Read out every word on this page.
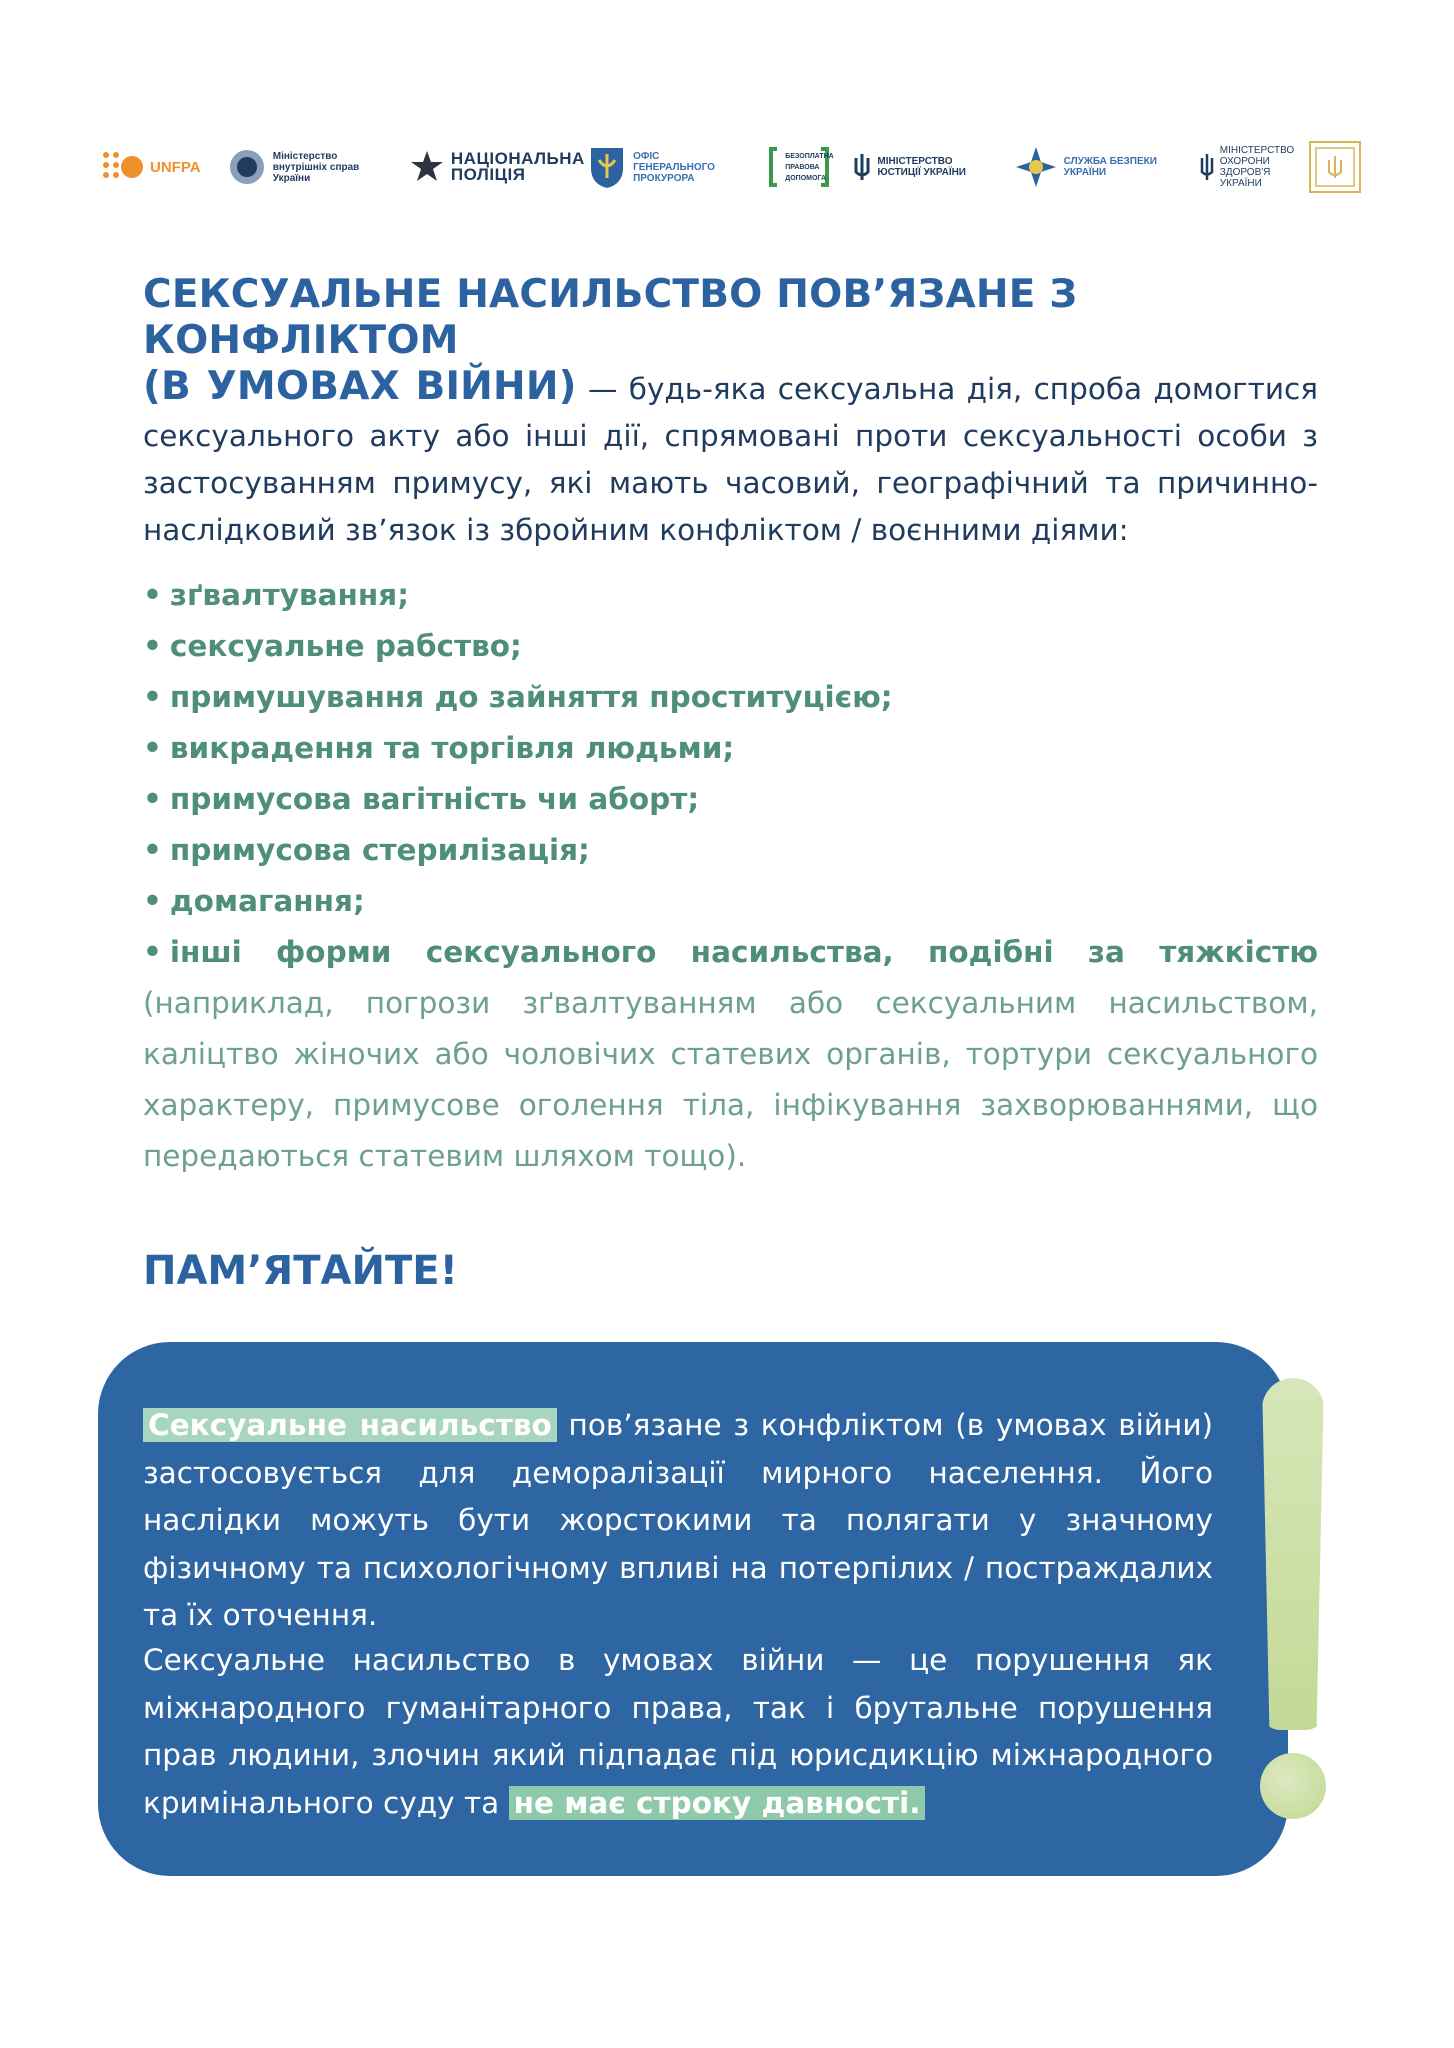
UNFPA
Міністерство внутрішніх справ України
НАЦІОНАЛЬНА ПОЛІЦІЯ
ОФІС ГЕНЕРАЛЬНОГО ПРОКУРОРА
БЕЗОПЛАТНА ПРАВОВА ДОПОМОГА
МІНІСТЕРСТВО ЮСТИЦІЇ УКРАЇНИ
СЛУЖБА БЕЗПЕКИ УКРАЇНИ
МІНІСТЕРСТВО ОХОРОНИ ЗДОРОВ'Я УКРАЇНИ
СЕКСУАЛЬНЕ НАСИЛЬСТВО ПОВ’ЯЗАНЕ З КОНФЛІКТОМ
(В УМОВАХ ВІЙНИ) — будь-яка сексуальна дія, спроба домогтися сексуального акту або інші дії, спрямовані проти сексуальності особи з застосуванням примусу, які мають часовий, географічний та причинно-наслідковий зв’язок із збройним конфліктом / воєнними діями:
• зґвалтування;
• сексуальне рабство;
• примушування до зайняття проституцією;
• викрадення та торгівля людьми;
• примусова вагітність чи аборт;
• примусова стерилізація;
• домагання;
• інші форми сексуального насильства, подібні за тяжкістю (наприклад, погрози зґвалтуванням або сексуальним насильством, каліцтво жіночих або чоловічих статевих органів, тортури сексуального характеру, примусове оголення тіла, інфікування захворюваннями, що передаються статевим шляхом тощо).
ПАМ’ЯТАЙТЕ!
Сексуальне насильство пов’язане з конфліктом (в умовах війни) застосовується для деморалізації мирного населення. Його наслідки можуть бути жорстокими та полягати у значному фізичному та психологічному впливі на потерпілих / постраждалих та їх оточення.
Сексуальне насильство в умовах війни — це порушення як міжнародного гуманітарного права, так і брутальне порушення прав людини, злочин який підпадає під юрисдикцію міжнародного кримінального суду та не має строку давності.
